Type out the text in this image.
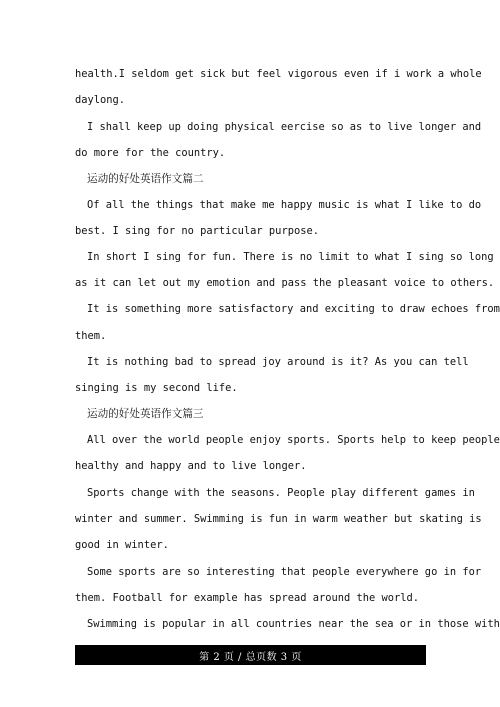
health.I seldom get sick but feel vigorous even if i work a whole
daylong.
I shall keep up doing physical eercise so as to live longer and
do more for the country.
运动的好处英语作文篇二
Of all the things that make me happy music is what I like to do
best. I sing for no particular purpose.
In short I sing for fun. There is no limit to what I sing so long
as it can let out my emotion and pass the pleasant voice to others.
It is something more satisfactory and exciting to draw echoes from
them.
It is nothing bad to spread joy around is it? As you can tell
singing is my second life.
运动的好处英语作文篇三
All over the world people enjoy sports. Sports help to keep people
healthy and happy and to live longer.
Sports change with the seasons. People play different games in
winter and summer. Swimming is fun in warm weather but skating is
good in winter.
Some sports are so interesting that people everywhere go in for
them. Football for example has spread around the world.
Swimming is popular in all countries near the sea or in those with
第 2 页 / 总页数 3 页
